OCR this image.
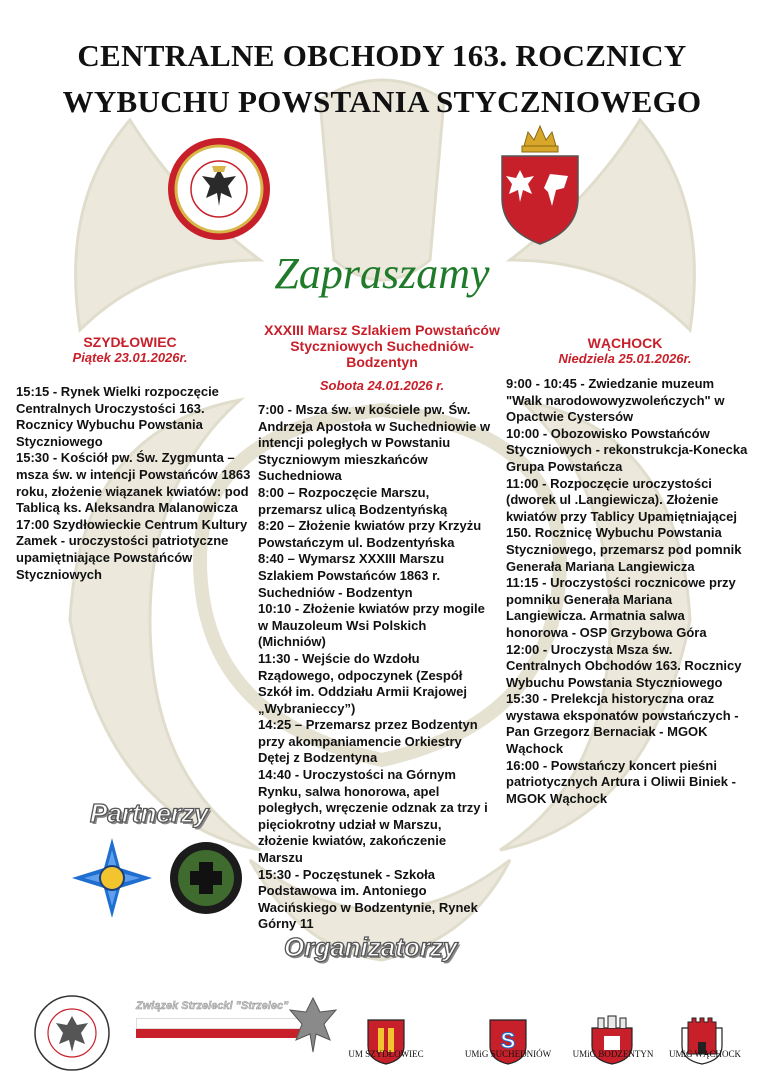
CENTRALNE OBCHODY 163. ROCZNICY
WYBUCHU POWSTANIA STYCZNIOWEGO
Zapraszamy
SZYDŁOWIEC
Piątek 23.01.2026r.
15:15 - Rynek Wielki rozpoczęcie Centralnych Uroczystości 163. Rocznicy Wybuchu Powstania Styczniowego
15:30 - Kościół pw. Św. Zygmunta – msza św. w intencji Powstańców 1863 roku, złożenie wiązanek kwiatów: pod Tablicą ks. Aleksandra Malanowicza
17:00 Szydłowieckie Centrum Kultury Zamek - uroczystości patriotyczne upamiętniające Powstańców Styczniowych
XXXIII Marsz Szlakiem Powstańców Styczniowych Suchedniów-Bodzentyn
Sobota 24.01.2026 r.
7:00 - Msza św. w kościele pw. Św. Andrzeja Apostoła w Suchedniowie w intencji poległych w Powstaniu Styczniowym mieszkańców Suchedniowa
8:00 – Rozpoczęcie Marszu, przemarsz ulicą Bodzentyńską
8:20 – Złożenie kwiatów przy Krzyżu Powstańczym ul. Bodzentyńska
8:40 – Wymarsz XXXIII Marszu Szlakiem Powstańców 1863 r. Suchedniów - Bodzentyn
10:10 - Złożenie kwiatów przy mogile w Mauzoleum Wsi Polskich (Michniów)
11:30 - Wejście do Wzdołu Rządowego, odpoczynek (Zespół Szkół im. Oddziału Armii Krajowej „Wybranieccy”)
14:25 – Przemarsz przez Bodzentyn przy akompaniamencie Orkiestry Dętej z Bodzentyna
14:40 - Uroczystości na Górnym Rynku, salwa honorowa, apel poległych, wręczenie odznak za trzy i pięciokrotny udział w Marszu, złożenie kwiatów, zakończenie Marszu
15:30 - Poczęstunek - Szkoła Podstawowa im. Antoniego Wacińskiego w Bodzentynie, Rynek Górny 11
WĄCHOCK
Niedziela 25.01.2026r.
9:00 - 10:45 - Zwiedzanie muzeum "Walk narodowowyzwoleńczych" w Opactwie Cystersów
10:00 - Obozowisko Powstańców Styczniowych - rekonstrukcja-Konecka Grupa Powstańcza
11:00 - Rozpoczęcie uroczystości (dworek ul .Langiewicza). Złożenie kwiatów przy Tablicy Upamiętniającej 150. Rocznicę Wybuchu Powstania Styczniowego, przemarsz pod pomnik Generała Mariana Langiewicza
11:15 - Uroczystości rocznicowe przy pomniku Generała Mariana Langiewicza. Armatnia salwa honorowa - OSP Grzybowa Góra
12:00 - Uroczysta Msza św. Centralnych Obchodów 163. Rocznicy Wybuchu Powstania Styczniowego
15:30 - Prelekcja historyczna oraz wystawa eksponatów powstańczych - Pan Grzegorz Bernaciak - MGOK Wąchock
16:00 - Powstańczy koncert pieśni patriotycznych Artura i Oliwii Biniek - MGOK Wąchock
Partnerzy
Organizatorzy
Związek Strzelecki "Strzelec"
UM SZYDŁOWIEC
S
UMiG SUCHEDNIÓW	UMiG BODZENTYN	UMiG WĄCHOCK
